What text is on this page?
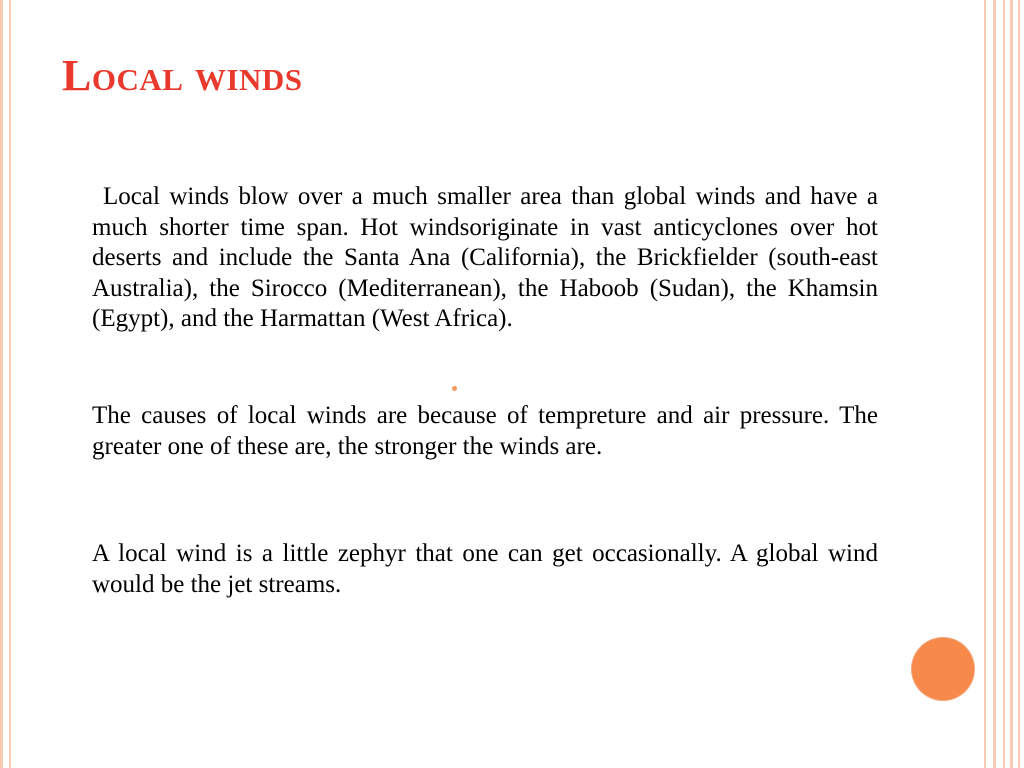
Local winds

Local winds blow over a much smaller area than global winds and have a much shorter time span. Hot windsoriginate in vast anticyclones over hot deserts and include the Santa Ana (California), the Brickfielder (south-east Australia), the Sirocco (Mediterranean), the Haboob (Sudan), the Khamsin (Egypt), and the Harmattan (West Africa).

The causes of local winds are because of tempreture and air pressure. The greater one of these are, the stronger the winds are.

A local wind is a little zephyr that one can get occasionally. A global wind would be the jet streams.
